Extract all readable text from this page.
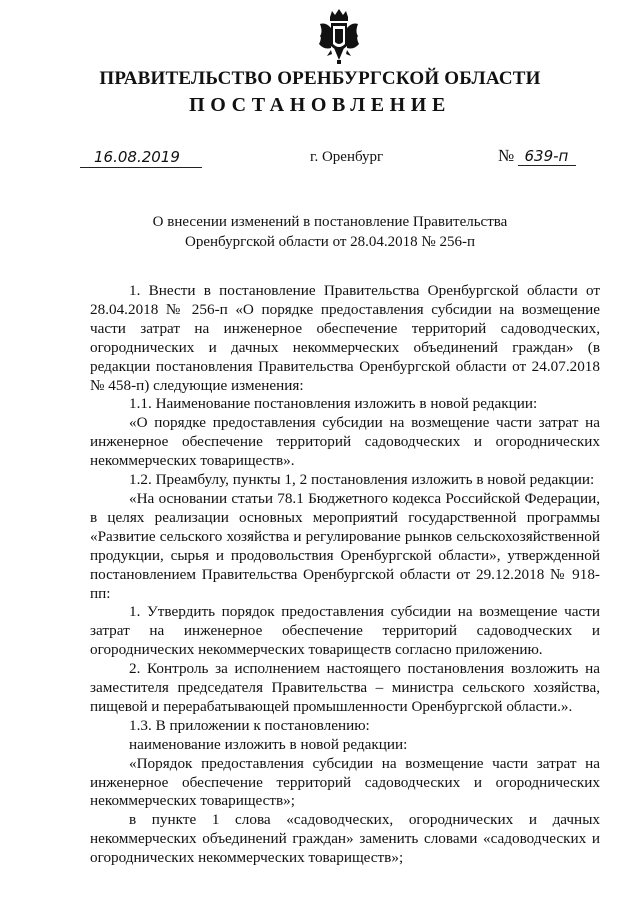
ПРАВИТЕЛЬСТВО ОРЕНБУРГСКОЙ ОБЛАСТИ
ПОСТАНОВЛЕНИЕ
16.08.2019	г. Оренбург	№ 639-п
О внесении изменений в постановление Правительства
Оренбургской области от 28.04.2018 № 256-п

1. Внести в постановление Правительства Оренбургской области от 28.04.2018 № 256-п «О порядке предоставления субсидии на возмещение части затрат на инженерное обеспечение территорий садоводческих, огороднических и дачных некоммерческих объединений граждан» (в редакции постановления Правительства Оренбургской области от 24.07.2018 № 458-п) следующие изменения:

1.1. Наименование постановления изложить в новой редакции:

«О порядке предоставления субсидии на возмещение части затрат на инженерное обеспечение территорий садоводческих и огороднических некоммерческих товариществ».

1.2. Преамбулу, пункты 1, 2 постановления изложить в новой редакции:

«На основании статьи 78.1 Бюджетного кодекса Российской Федерации, в целях реализации основных мероприятий государственной программы «Развитие сельского хозяйства и регулирование рынков сельскохозяйственной продукции, сырья и продовольствия Оренбургской области», утвержденной постановлением Правительства Оренбургской области от 29.12.2018 № 918-пп:

1. Утвердить порядок предоставления субсидии на возмещение части затрат на инженерное обеспечение территорий садоводческих и огороднических некоммерческих товариществ согласно приложению.

2. Контроль за исполнением настоящего постановления возложить на заместителя председателя Правительства – министра сельского хозяйства, пищевой и перерабатывающей промышленности Оренбургской области.».

1.3. В приложении к постановлению:

наименование изложить в новой редакции:

«Порядок предоставления субсидии на возмещение части затрат на инженерное обеспечение территорий садоводческих и огороднических некоммерческих товариществ»;

в пункте 1 слова «садоводческих, огороднических и дачных некоммерческих объединений граждан» заменить словами «садоводческих и огороднических некоммерческих товариществ»;
